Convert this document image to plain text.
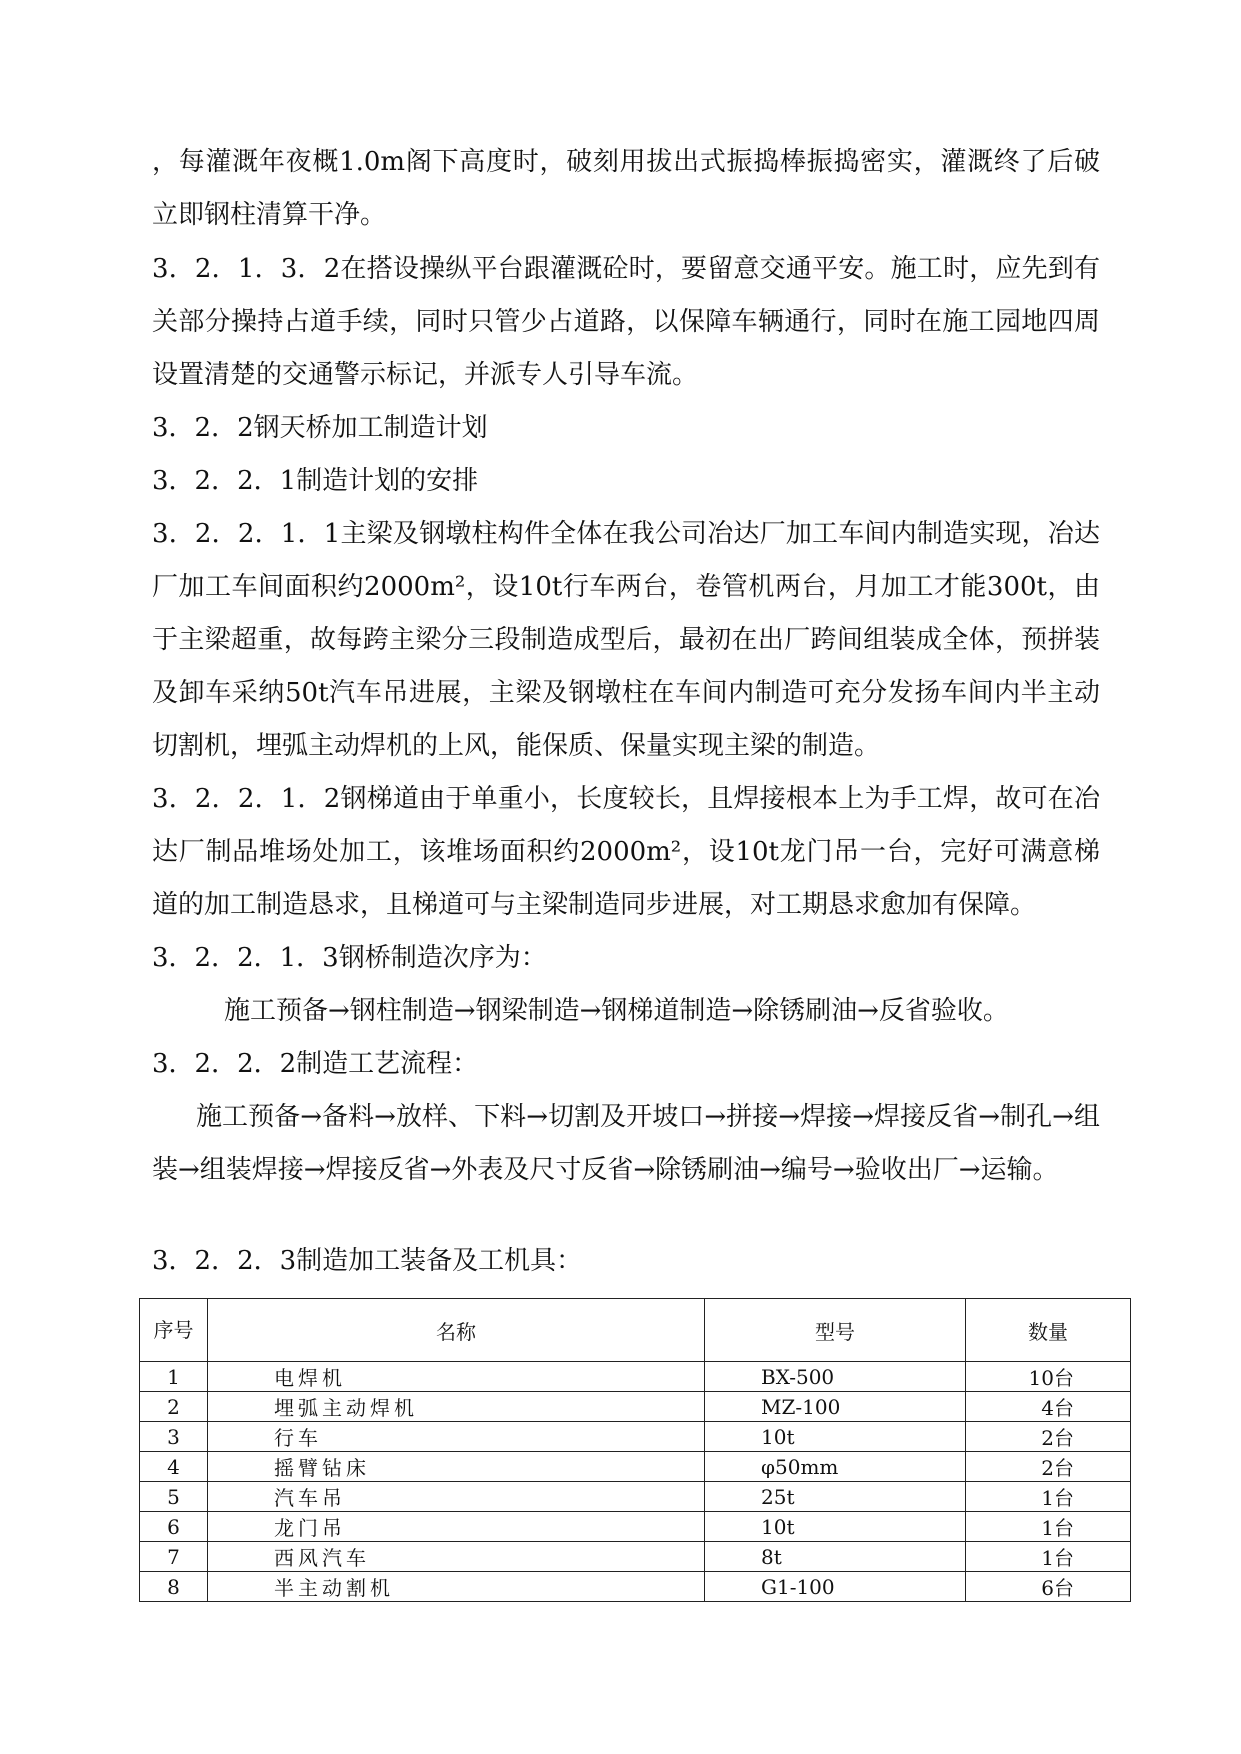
，每灌溉年夜概1.0m阁下高度时，破刻用拔出式振捣棒振捣密实，灌溉终了后破立即钢柱清算干净。

3．2．1．3．2在搭设操纵平台跟灌溉砼时，要留意交通平安。施工时，应先到有关部分操持占道手续，同时只管少占道路，以保障车辆通行，同时在施工园地四周设置清楚的交通警示标记，并派专人引导车流。

3．2．2钢天桥加工制造计划

3．2．2．1制造计划的安排

3．2．2．1．1主梁及钢墩柱构件全体在我公司冶达厂加工车间内制造实现，冶达厂加工车间面积约2000m²，设10t行车两台，卷管机两台，月加工才能300t，由于主梁超重，故每跨主梁分三段制造成型后，最初在出厂跨间组装成全体，预拼装及卸车采纳50t汽车吊进展，主梁及钢墩柱在车间内制造可充分发扬车间内半主动切割机，埋弧主动焊机的上风，能保质、保量实现主梁的制造。

3．2．2．1．2钢梯道由于单重小，长度较长，且焊接根本上为手工焊，故可在冶达厂制品堆场处加工，该堆场面积约2000m²，设10t龙门吊一台，完好可满意梯道的加工制造恳求，且梯道可与主梁制造同步进展，对工期恳求愈加有保障。

3．2．2．1．3钢桥制造次序为：

施工预备→钢柱制造→钢梁制造→钢梯道制造→除锈刷油→反省验收。

3．2．2．2制造工艺流程：

施工预备→备料→放样、下料→切割及开坡口→拼接→焊接→焊接反省→制孔→组装→组装焊接→焊接反省→外表及尺寸反省→除锈刷油→编号→验收出厂→运输。

3．2．2．3制造加工装备及工机具：

序号	名称	型号	数量
1	电焊机	BX-500	10台
2	埋弧主动焊机	MZ-100	4台
3	行车	10t	2台
4	摇臂钻床	φ50mm	2台
5	汽车吊	25t	1台
6	龙门吊	10t	1台
7	西风汽车	8t	1台
8	半主动割机	G1-100	6台
